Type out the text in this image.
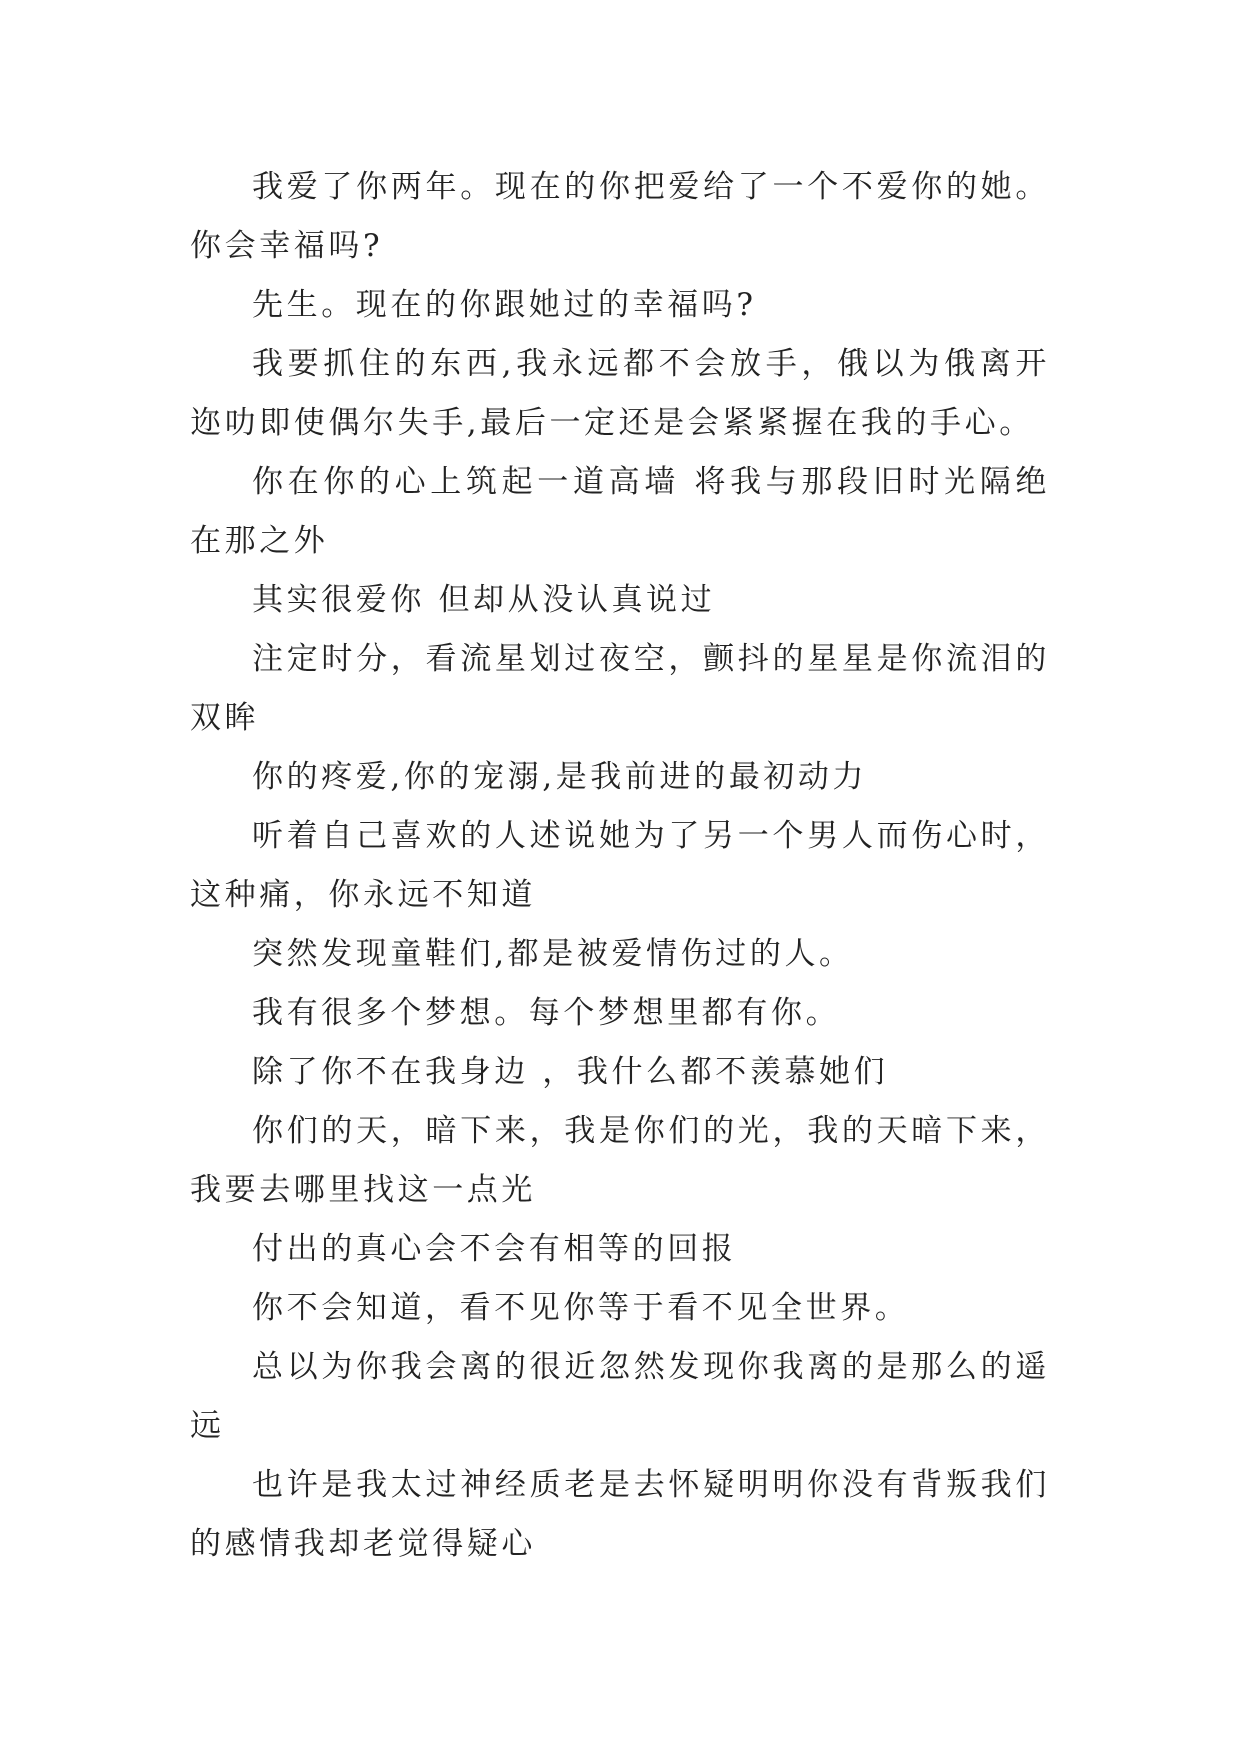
我爱了你两年。现在的你把爱给了一个不爱你的她。你会幸福吗?

先生。现在的你跟她过的幸福吗?

我要抓住的东西,我永远都不会放手，俄以为俄离开迩叻即使偶尔失手,最后一定还是会紧紧握在我的手心。

你在你的心上筑起一道高墙 将我与那段旧时光隔绝在那之外

其实很爱你 但却从没认真说过

注定时分，看流星划过夜空，颤抖的星星是你流泪的双眸

你的疼爱,你的宠溺,是我前进的最初动力

听着自己喜欢的人述说她为了另一个男人而伤心时，这种痛，你永远不知道

突然发现童鞋们,都是被爱情伤过的人。

我有很多个梦想。每个梦想里都有你。

除了你不在我身边 ，我什么都不羡慕她们

你们的天，暗下来，我是你们的光，我的天暗下来，我要去哪里找这一点光

付出的真心会不会有相等的回报

你不会知道，看不见你等于看不见全世界。

总以为你我会离的很近忽然发现你我离的是那么的遥远

也许是我太过神经质老是去怀疑明明你没有背叛我们的感情我却老觉得疑心
